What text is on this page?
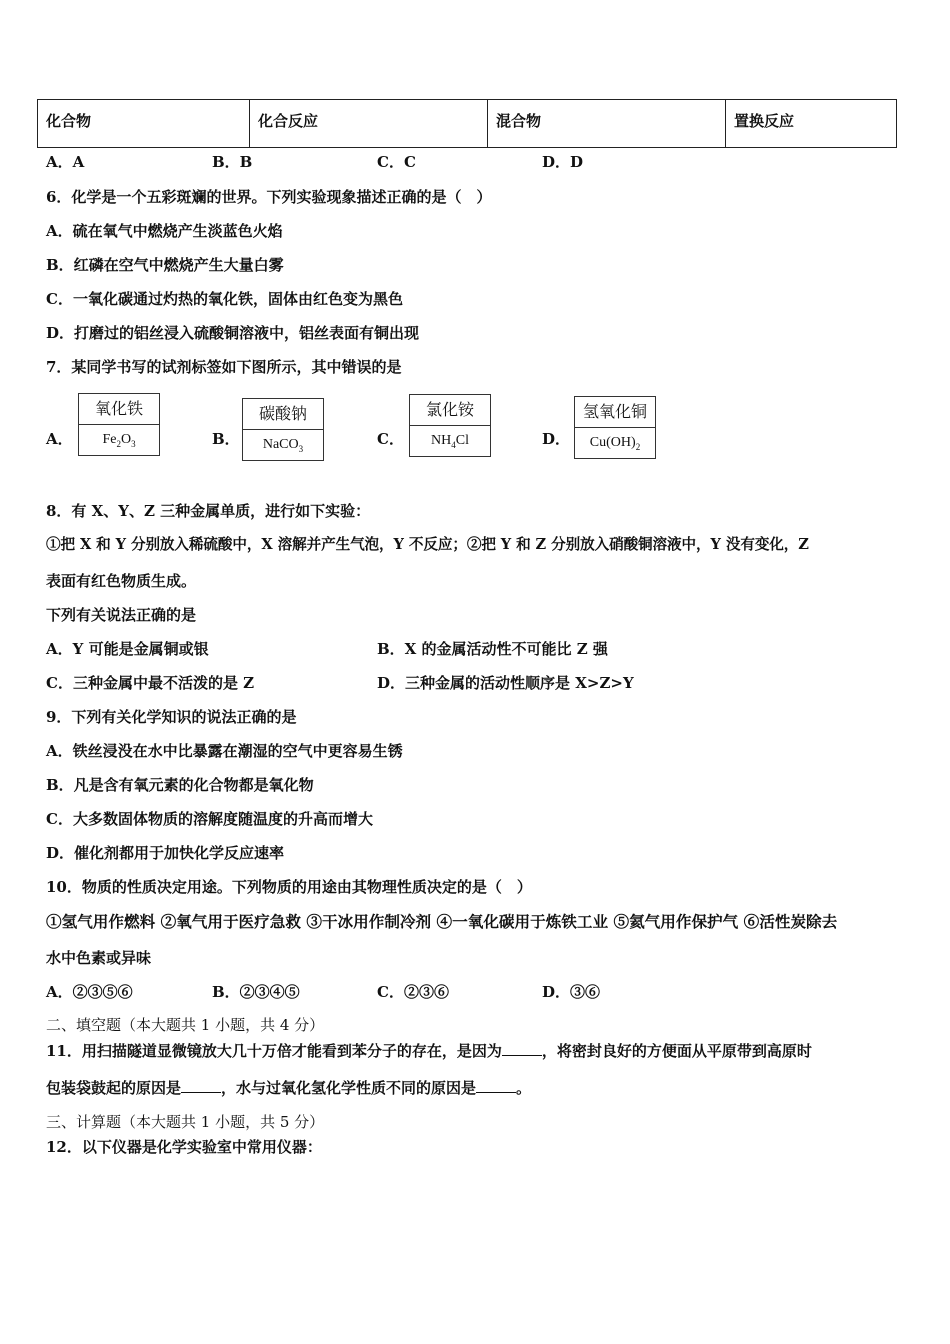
化合物	化合反应	混合物	置换反应
A．A	B．B	C．C	D．D
6．化学是一个五彩斑斓的世界。下列实验现象描述正确的是（　）
A．硫在氧气中燃烧产生淡蓝色火焰
B．红磷在空气中燃烧产生大量白雾
C．一氧化碳通过灼热的氧化铁，固体由红色变为黑色
D．打磨过的铝丝浸入硫酸铜溶液中，铝丝表面有铜出现
7．某同学书写的试剂标签如下图所示，其中错误的是
A．
氧化铁
$Fe_2O_3$	B．
碳酸钠
NaCO$_3$
C．
氯化铵
$NH_4Cl$	D．
氢氧化铜
$Cu(OH)_2$
8．有 X、Y、Z 三种金属单质，进行如下实验：
①把 X 和 Y 分别放入稀硫酸中，X 溶解并产生气泡，Y 不反应；②把 Y 和 Z 分别放入硝酸铜溶液中，Y 没有变化，Z
表面有红色物质生成。
下列有关说法正确的是
A．Y 可能是金属铜或银	B．X 的金属活动性不可能比 Z 强
C．三种金属中最不活泼的是 Z	D．三种金属的活动性顺序是 X>Z>Y
9．下列有关化学知识的说法正确的是
A．铁丝浸没在水中比暴露在潮湿的空气中更容易生锈
B．凡是含有氧元素的化合物都是氧化物
C．大多数固体物质的溶解度随温度的升高而增大
D．催化剂都用于加快化学反应速率
10．物质的性质决定用途。下列物质的用途由其物理性质决定的是（　）
①氢气用作燃料 ②氧气用于医疗急救 ③干冰用作制冷剂 ④一氧化碳用于炼铁工业 ⑤氦气用作保护气 ⑥活性炭除去
水中色素或异味
A．②③⑤⑥	B．②③④⑤	C．②③⑥	D．③⑥
二、填空题（本大题共 1 小题，共 4 分）
11．用扫描隧道显微镜放大几十万倍才能看到苯分子的存在，是因为	，将密封良好的方便面从平原带到高原时
包装袋鼓起的原因是	，水与过氧化氢化学性质不同的原因是	。
三、计算题（本大题共 1 小题，共 5 分）
12．以下仪器是化学实验室中常用仪器：
